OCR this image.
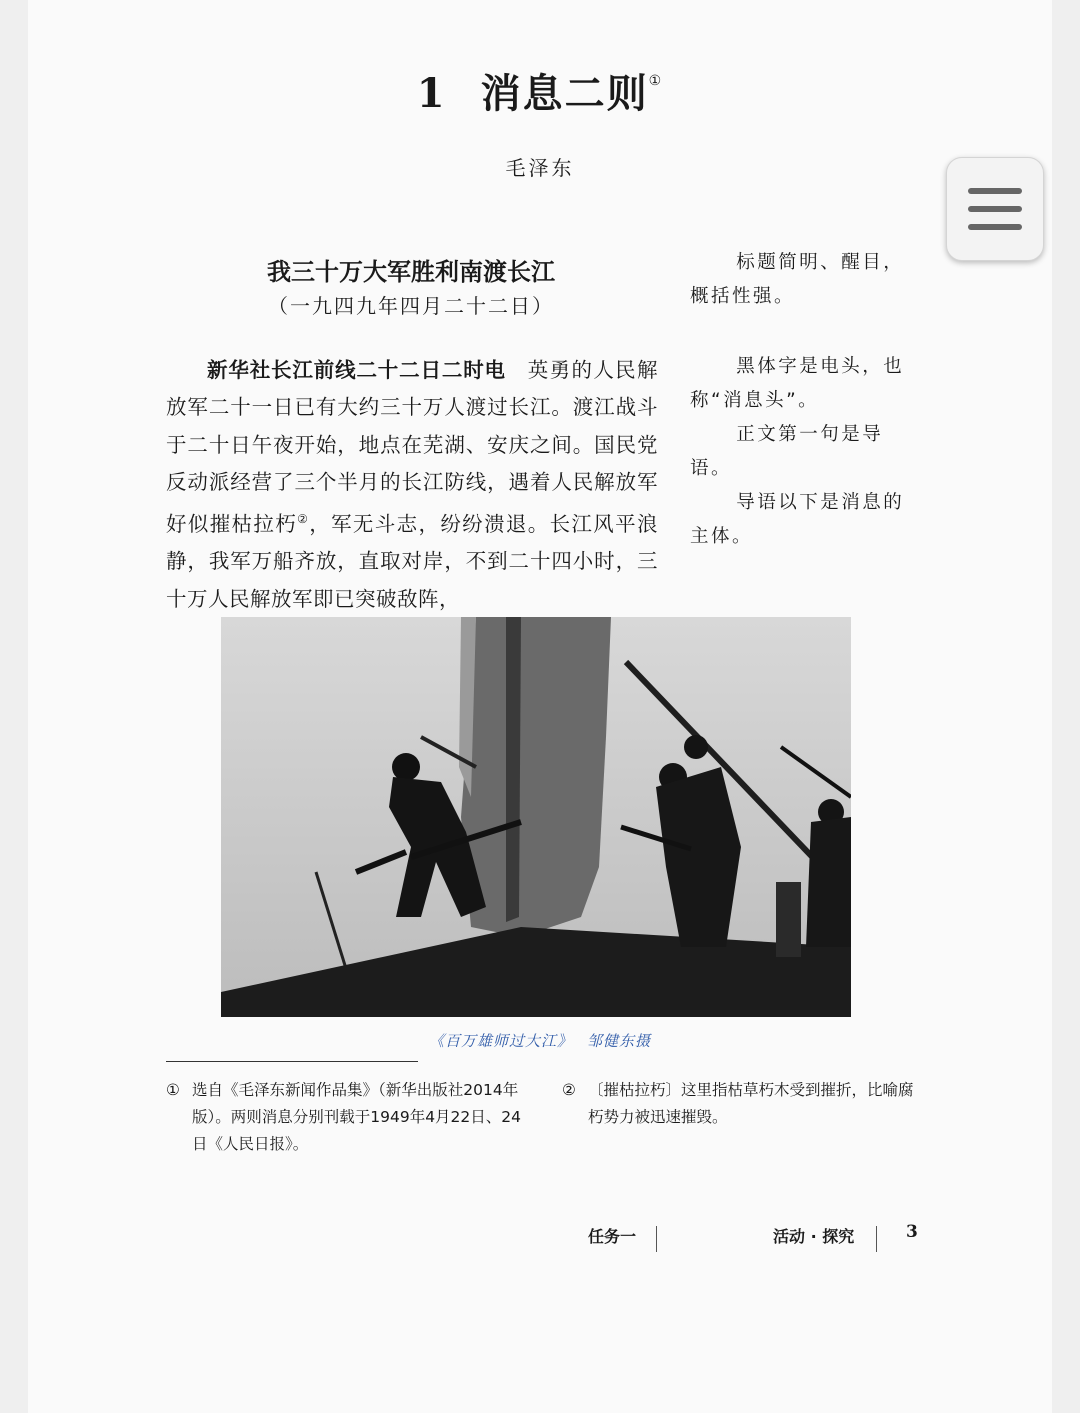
1 消息二则①
毛泽东
我三十万大军胜利南渡长江
（一九四九年四月二十二日）
新华社长江前线二十二日二时电　 英勇的人民解放军二十一日已有大约三十万人渡过长江。渡江战斗于二十日午夜开始，地点在芜湖、安庆之间。国民党反动派经营了三个半月的长江防线，遇着人民解放军好似摧枯拉朽②，军无斗志，纷纷溃退。长江风平浪静，我军万船齐放，直取对岸，不到二十四小时，三十万人民解放军即已突破敌阵，

标题简明、醒目，概括性强。

黑体字是电头，也称“消息头”。

正文第一句是导语。

导语以下是消息的主体。

《百万雄师过大江》 邹健东摄
① 选自《毛泽东新闻作品集》（新华出版社2014年版）。两则消息分别刊载于1949年4月22日、24日《人民日报》。
② 〔摧枯拉朽〕这里指枯草朽木受到摧折，比喻腐朽势力被迅速摧毁。
任务一	活动 · 探究	3
